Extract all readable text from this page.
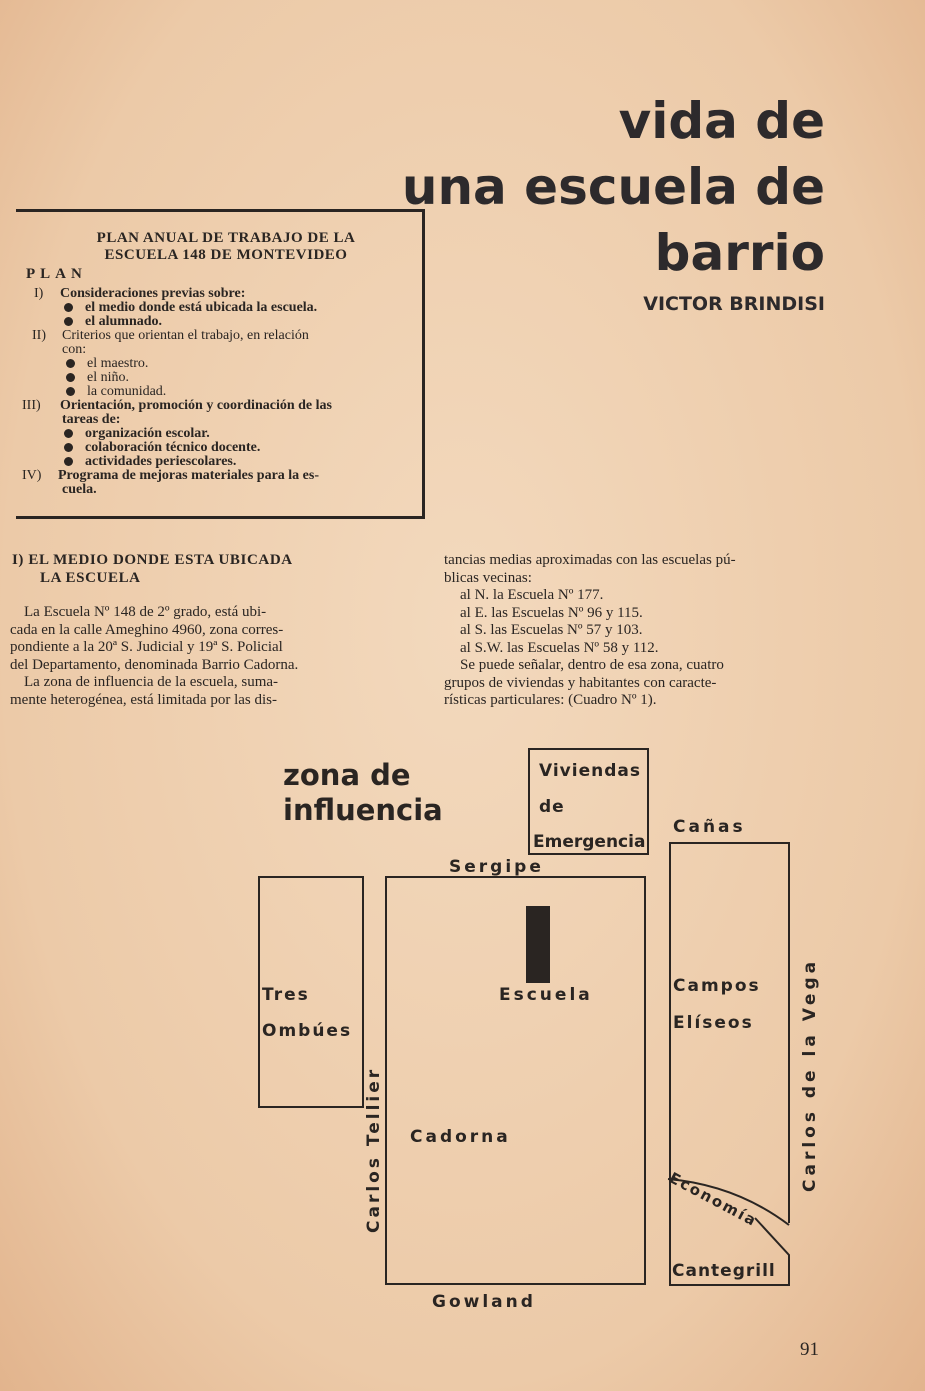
vida de
una escuela de
barrio
VICTOR BRINDISI
PLAN ANUAL DE TRABAJO DE LA
ESCUELA 148 DE MONTEVIDEO
PLAN
I) Consideraciones previas sobre:
el medio donde está ubicada la escuela.
el alumnado.
II) Criterios que orientan el trabajo, en relación
con:
el maestro.
el niño.
la comunidad.
III) Orientación, promoción y coordinación de las
tareas de:
organización escolar.
colaboración técnico docente.
actividades periescolares.
IV) Programa de mejoras materiales para la es-
cuela.
I) EL MEDIO DONDE ESTA UBICADA
LA ESCUELA

La Escuela Nº 148 de 2º grado, está ubi-

cada en la calle Ameghino 4960, zona corres-

pondiente a la 20ª S. Judicial y 19ª S. Policial

del Departamento, denominada Barrio Cadorna.

La zona de influencia de la escuela, suma-

mente heterogénea, está limitada por las dis-

tancias medias aproximadas con las escuelas pú-

blicas vecinas:

al N. la Escuela Nº 177.

al E. las Escuelas Nº 96 y 115.

al S. las Escuelas Nº 57 y 103.

al S.W. las Escuelas Nº 58 y 112.

Se puede señalar, dentro de esa zona, cuatro

grupos de viviendas y habitantes con caracte-

rísticas particulares: (Cuadro Nº 1).

zona de
influencia
Viviendas
de
Emergencia
Cañas
Sergipe
Tres
Ombúes
Escuela	Campos
Elíseos
Carlos Tellier	Carlos de la Vega
Cadorna
Economía
Cantegrill
Gowland
91
